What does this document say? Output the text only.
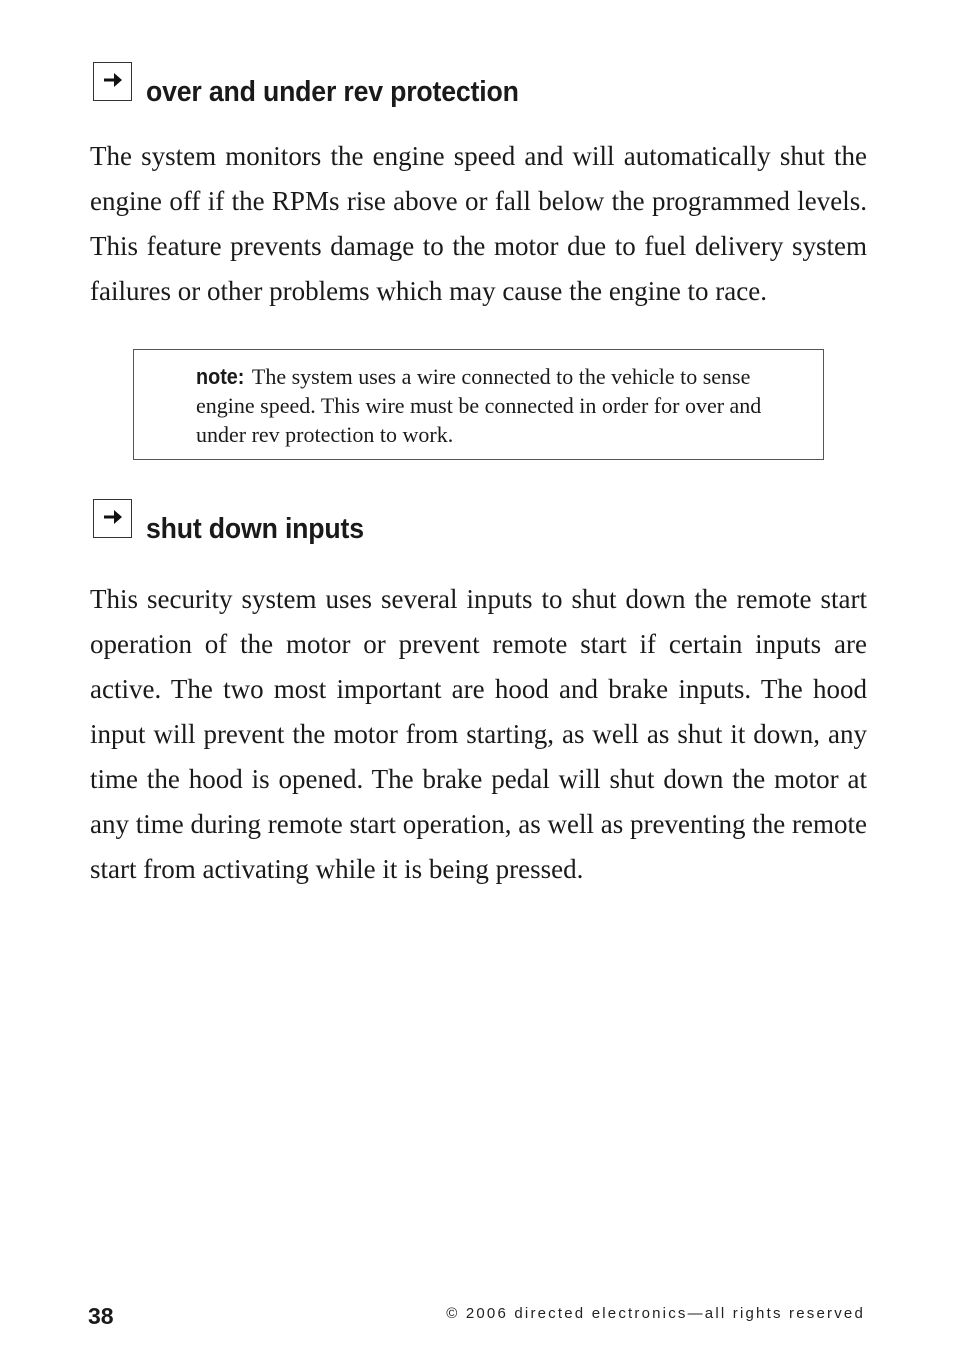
over and under rev protection

The system monitors the engine speed and will automatically shut the engine off if the RPMs rise above or fall below the programmed levels. This feature prevents damage to the motor due to fuel delivery system failures or other problems which may cause the engine to race.

note: The system uses a wire connected to the vehicle to sense engine speed. This wire must be connected in order for over and under rev protection to work.

shut down inputs

This security system uses several inputs to shut down the remote start operation of the motor or prevent remote start if certain inputs are active. The two most important are hood and brake inputs. The hood input will prevent the motor from starting, as well as shut it down, any time the hood is opened. The brake pedal will shut down the motor at any time during remote start operation, as well as preventing the remote start from activating while it is being pressed.

38	© 2006 directed electronics—all rights reserved
